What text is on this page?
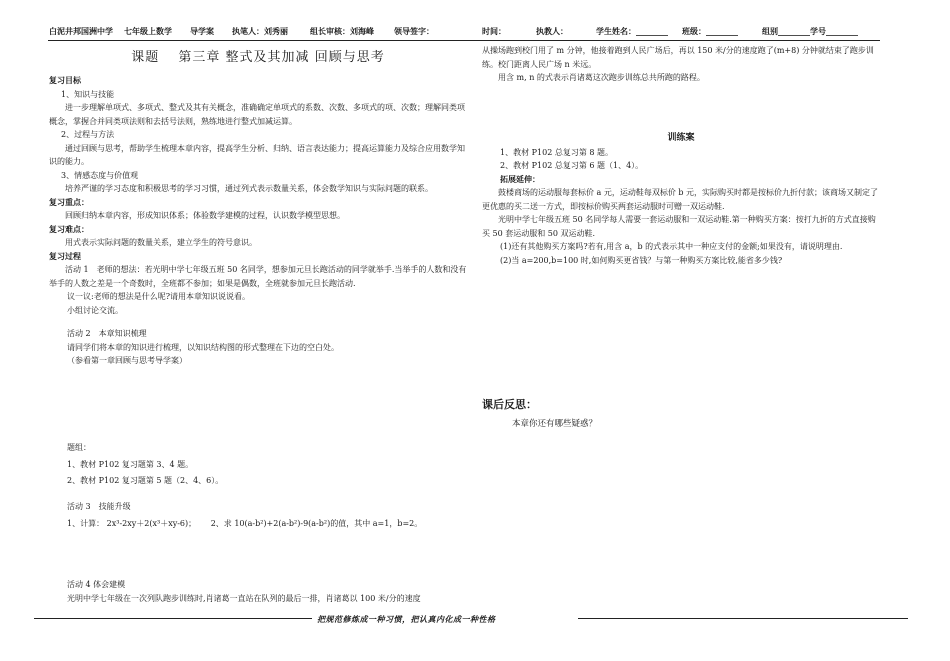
白泥井邦国洲中学 七年级上数学 导学案 执笔人：刘秀丽	组长审核：刘海峰	领导签字：	时间：	执教人：	学生姓名：________ 班级：________	组别________学号________
课题　 第三章 整式及其加减 回顾与思考
复习目标
1、知识与技能
进一步理解单项式、多项式、整式及其有关概念，准确确定单项式的系数、次数、多项式的项、次数；理解同类项概念，掌握合并同类项法则和去括号法则，熟练地进行整式加减运算。
2、过程与方法
通过回顾与思考，帮助学生梳理本章内容，提高学生分析、归纳、语言表达能力；提高运算能力及综合应用数学知识的能力。
3、情感态度与价值观
培养严谨的学习态度和积极思考的学习习惯，通过列式表示数量关系，体会数学知识与实际问题的联系。
复习重点：
回顾归纳本章内容，形成知识体系；体验数学建模的过程，认识数学模型思想。
复习难点：
用式表示实际问题的数量关系，建立学生的符号意识。
复习过程
活动 1　老师的想法：若光明中学七年级五班 50 名同学，想参加元旦长跑活动的同学就举手.当举手的人数和没有举手的人数之差是一个奇数时，全班都不参加；如果是偶数，全班就参加元旦长跑活动.
议一议:老师的想法是什么呢?请用本章知识说说看。
小组讨论交流。
活动 2　本章知识梳理
请同学们将本章的知识进行梳理，以知识结构图的形式整理在下边的空白处。
（参看第一章回顾与思考导学案）
题组：
1、教材 P102 复习题第 3、4 题。
2、教材 P102 复习题第 5 题（2、4、6）。
活动 3　技能升级
1、计算： 2x³-2xy＋2(x³＋xy-6)； 2、求 10(a-b²)+2(a-b²)-9(a-b²)的值，其中 a=1，b=2。
活动 4 体会建模
光明中学七年级在一次列队跑步训练时,肖诸葛一直站在队列的最后一排，肖诸葛以 100 米/分的速度
从操场跑到校门用了 m 分钟，他接着跑到人民广场后，再以 150 米/分的速度跑了(m+8) 分钟就结束了跑步训练。校门距离人民广场 n 米远。
用含 m, n 的式表示肖诸葛这次跑步训练总共所跑的路程。
训练案
1、教材 P102 总复习第 8 题。
2、教材 P102 总复习第 6 题（1、4）。
拓展延伸：
鼓楼商场的运动服每套标价 a 元，运动鞋每双标价 b 元，实际购买时都是按标价九折付款；该商场又制定了更优惠的买二送一方式，即按标价购买两套运动服时可赠一双运动鞋.
光明中学七年级五班 50 名同学每人需要一套运动服和一双运动鞋.第一种购买方案：按打九折的方式直接购买 50 套运动服和 50 双运动鞋.
(1)还有其他购买方案吗?若有,用含 a，b 的式表示其中一种应支付的金额;如果没有，请说明理由.
(2)当 a=200,b=100 时,如何购买更省钱？与第一种购买方案比较,能省多少钱?
课后反思：
本章你还有哪些疑惑？
把规范修炼成一种习惯，把认真内化成一种性格
